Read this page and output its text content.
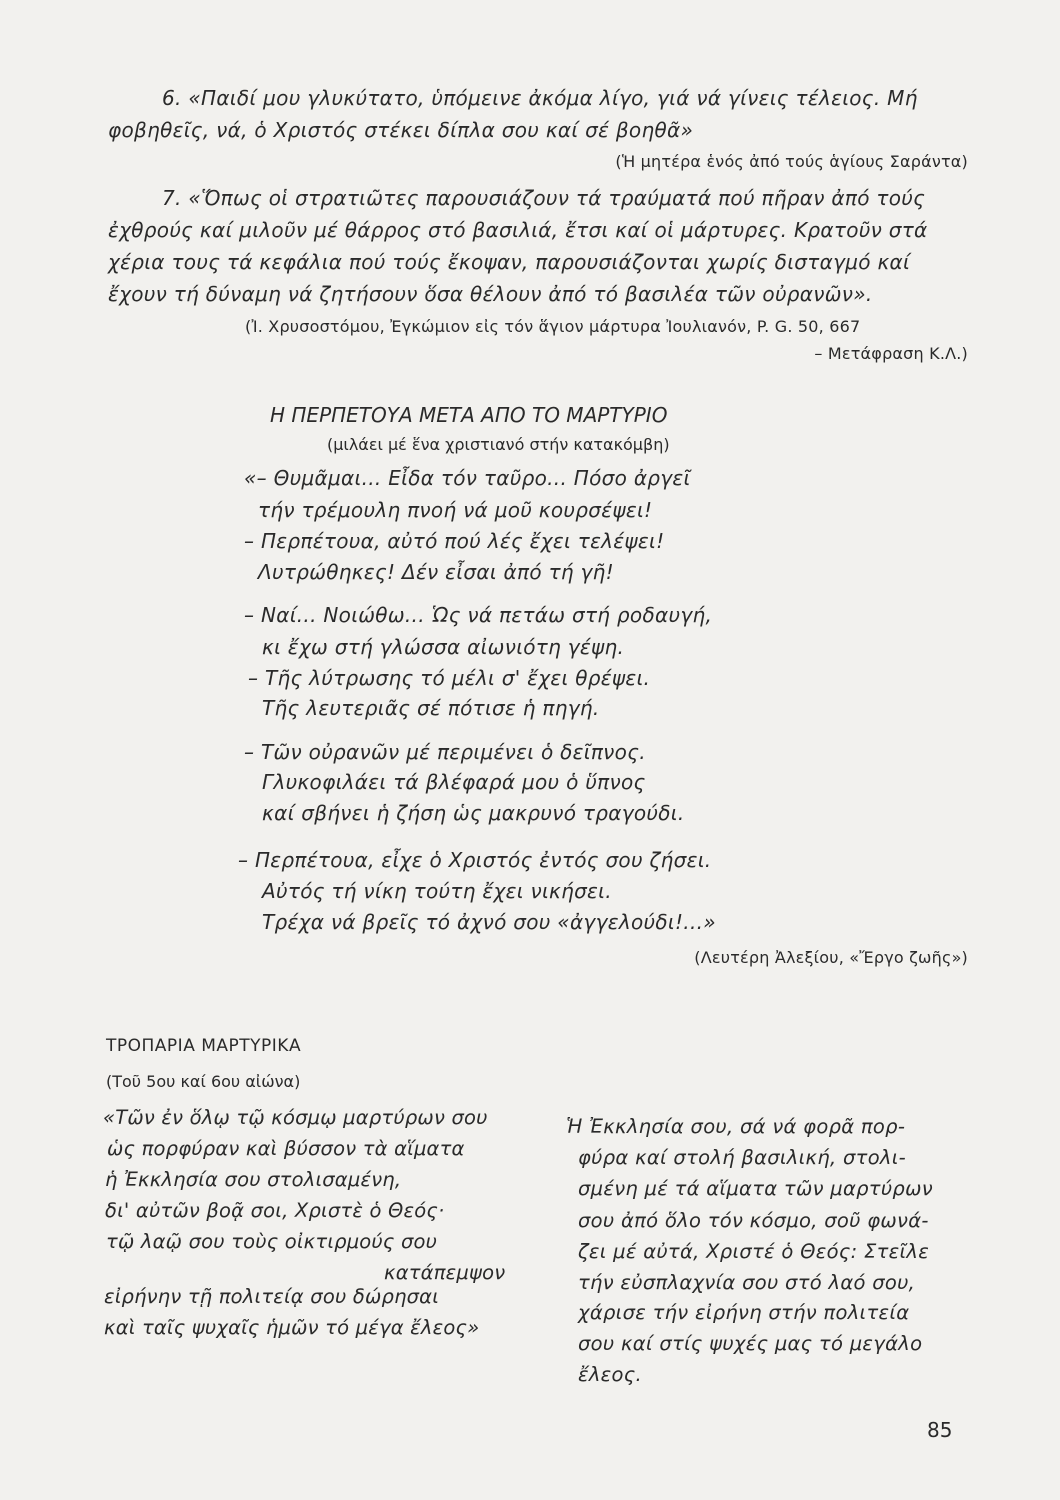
6. «Παιδί μου γλυκύτατο, ὑπόμεινε ἀκόμα λίγο, γιά νά γίνεις τέλειος. Μή
φοβηθεῖς, νά, ὁ Χριστός στέκει δίπλα σου καί σέ βοηθᾶ»
(Ἡ μητέρα ἑνός ἀπό τούς ἁγίους Σαράντα)
7. «Ὅπως οἱ στρατιῶτες παρουσιάζουν τά τραύματά πού πῆραν ἀπό τούς
ἐχθρούς καί μιλοῦν μέ θάρρος στό βασιλιά, ἔτσι καί οἱ μάρτυρες. Κρατοῦν στά
χέρια τους τά κεφάλια πού τούς ἔκοψαν, παρουσιάζονται χωρίς δισταγμό καί
ἔχουν τή δύναμη νά ζητήσουν ὅσα θέλουν ἀπό τό βασιλέα τῶν οὐρανῶν».
(Ἰ. Χρυσοστόμου, Ἐγκώμιον εἰς τόν ἅγιον μάρτυρα Ἰουλιανόν, P. G. 50, 667
– Μετάφραση Κ.Λ.)
Η ΠΕΡΠΕΤΟΥΑ ΜΕΤΑ ΑΠΟ ΤΟ ΜΑΡΤΥΡΙΟ
(μιλάει μέ ἕνα χριστιανό στήν κατακόμβη)
«– Θυμᾶμαι... Εἶδα τόν ταῦρο... Πόσο ἀργεῖ
τήν τρέμουλη πνοή νά μοῦ κουρσέψει!
– Περπέτουα, αὐτό πού λές ἔχει τελέψει!
Λυτρώθηκες! Δέν εἶσαι ἀπό τή γῆ!
– Ναί... Νοιώθω... Ὡς νά πετάω στή ροδαυγή,
κι ἔχω στή γλώσσα αἰωνιότη γέψη.
– Τῆς λύτρωσης τό μέλι σ' ἔχει θρέψει.
Τῆς λευτεριᾶς σέ πότισε ἡ πηγή.
– Τῶν οὐρανῶν μέ περιμένει ὁ δεῖπνος.
Γλυκοφιλάει τά βλέφαρά μου ὁ ὕπνος
καί σβήνει ἡ ζήση ὡς μακρυνό τραγούδι.
– Περπέτουα, εἶχε ὁ Χριστός ἐντός σου ζήσει.
Αὐτός τή νίκη τούτη ἔχει νικήσει.
Τρέχα νά βρεῖς τό ἀχνό σου «ἀγγελούδι!...»
(Λευτέρη Ἀλεξίου, «Ἔργο ζωῆς»)
ΤΡΟΠΑΡΙΑ ΜΑΡΤΥΡΙΚΑ
(Τοῦ 5ου καί 6ου αἰώνα)
«Τῶν ἐν ὅλῳ τῷ κόσμῳ μαρτύρων σου
ὡς πορφύραν καὶ βύσσον τὰ αἵματα
ἡ Ἐκκλησία σου στολισαμένη,
δι' αὐτῶν βοᾷ σοι, Χριστὲ ὁ Θεός·
τῷ λαῷ σου τοὺς οἰκτιρμούς σου
κατάπεμψον
εἰρήνην τῇ πολιτείᾳ σου δώρησαι
καὶ ταῖς ψυχαῖς ἡμῶν τό μέγα ἔλεος»
Ἡ Ἐκκλησία σου, σά νά φορᾶ πορ-
φύρα καί στολή βασιλική, στολι-
σμένη μέ τά αἵματα τῶν μαρτύρων
σου ἀπό ὅλο τόν κόσμο, σοῦ φωνά-
ζει μέ αὐτά, Χριστέ ὁ Θεός: Στεῖλε
τήν εὐσπλαχνία σου στό λαό σου,
χάρισε τήν εἰρήνη στήν πολιτεία
σου καί στίς ψυχές μας τό μεγάλο
ἔλεος.
85
